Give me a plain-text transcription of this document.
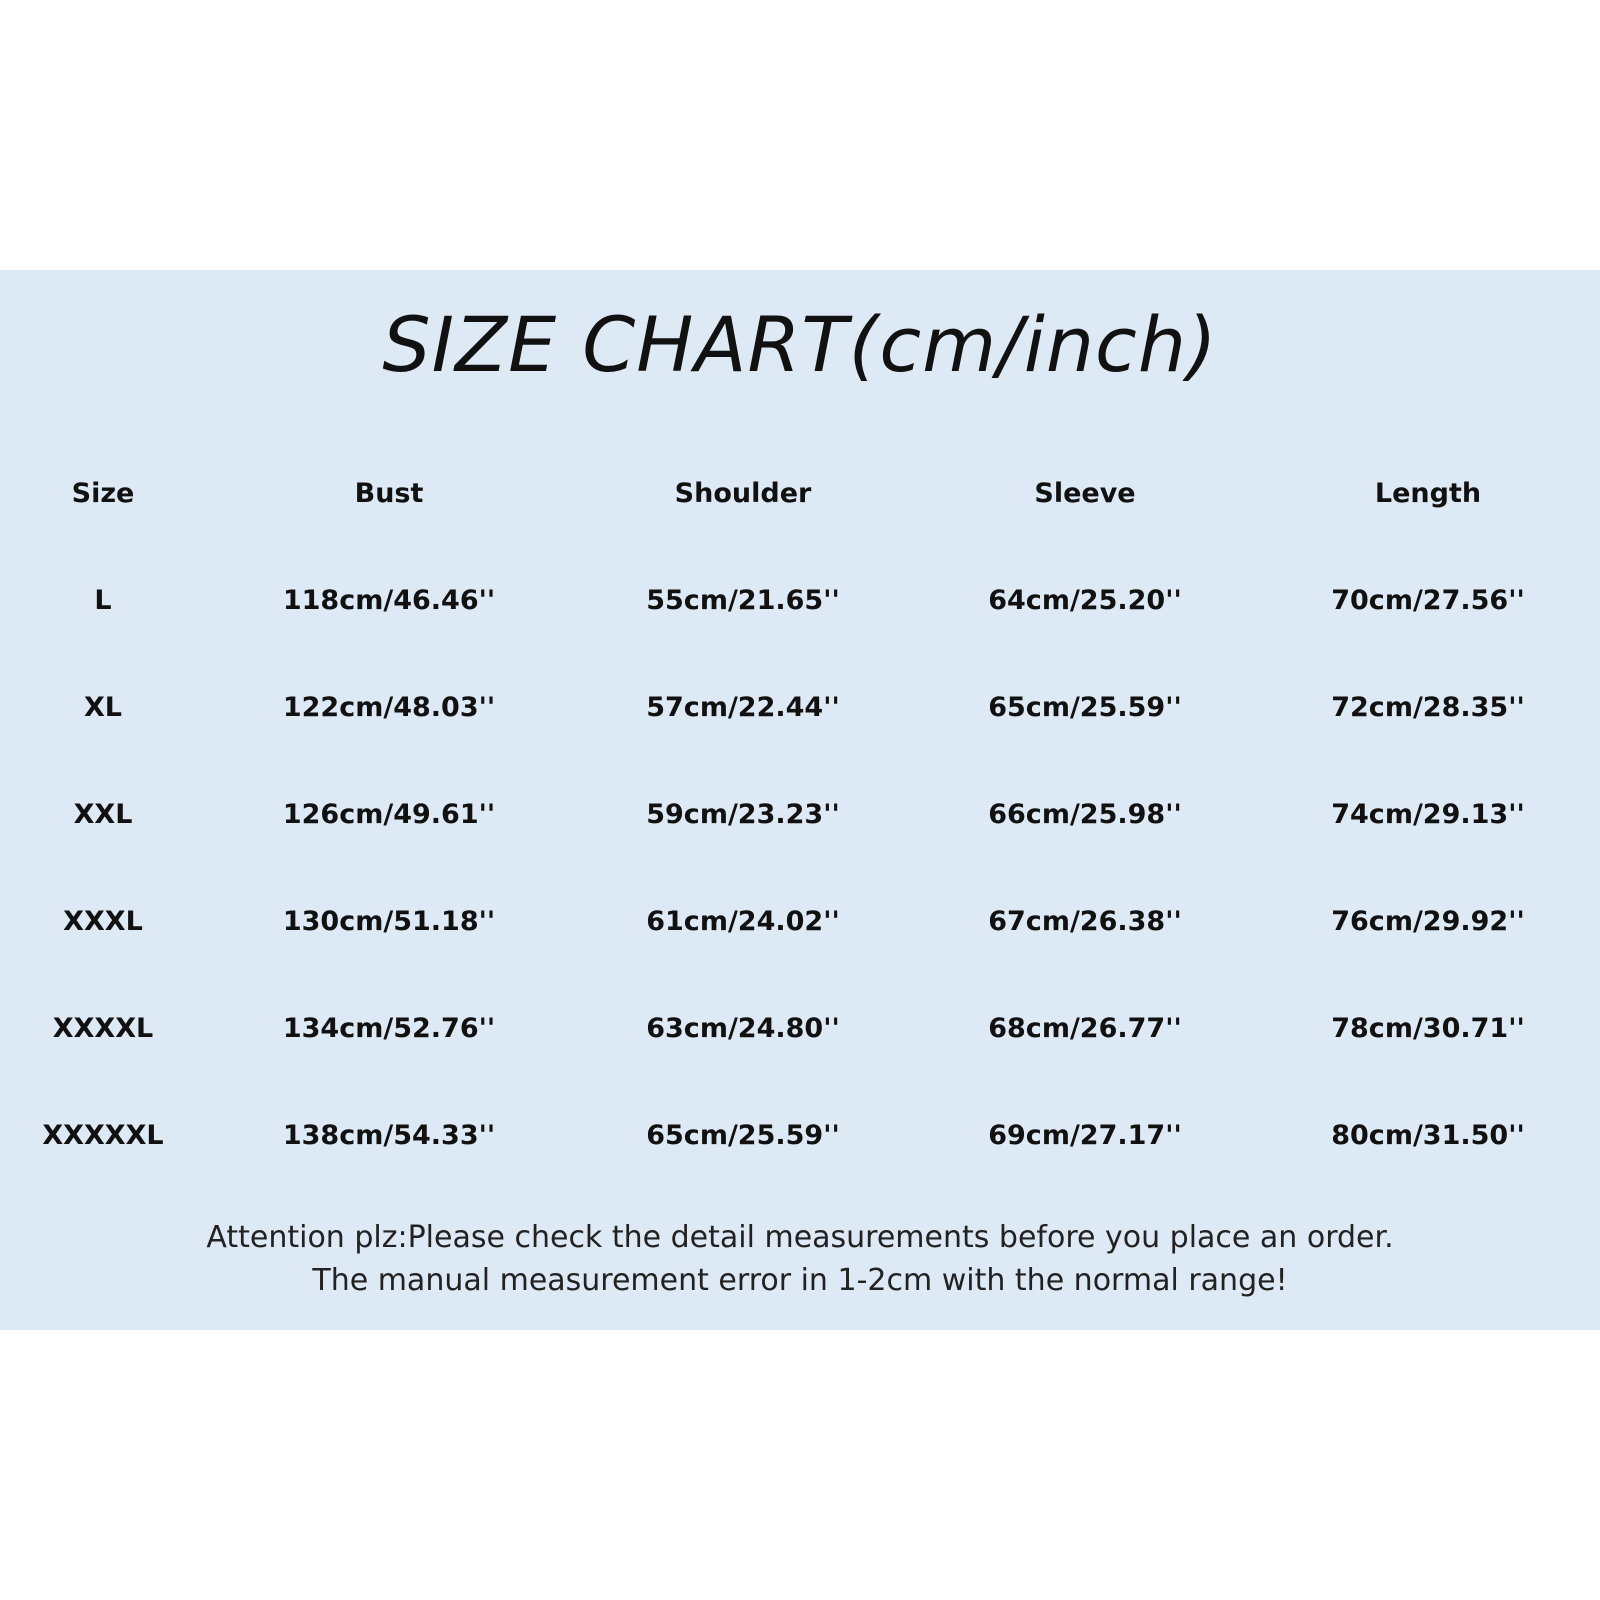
SIZE CHART(cm/inch)
Size	Bust	Shoulder	Sleeve	Length
L	118cm/46.46''	55cm/21.65''	64cm/25.20''	70cm/27.56''
XL	122cm/48.03''	57cm/22.44''	65cm/25.59''	72cm/28.35''
XXL	126cm/49.61''	59cm/23.23''	66cm/25.98''	74cm/29.13''
XXXL	130cm/51.18''	61cm/24.02''	67cm/26.38''	76cm/29.92''
XXXXL	134cm/52.76''	63cm/24.80''	68cm/26.77''	78cm/30.71''
XXXXXL	138cm/54.33''	65cm/25.59''	69cm/27.17''	80cm/31.50''
Attention plz:Please check the detail measurements before you place an order.
The manual measurement error in 1-2cm with the normal range!
